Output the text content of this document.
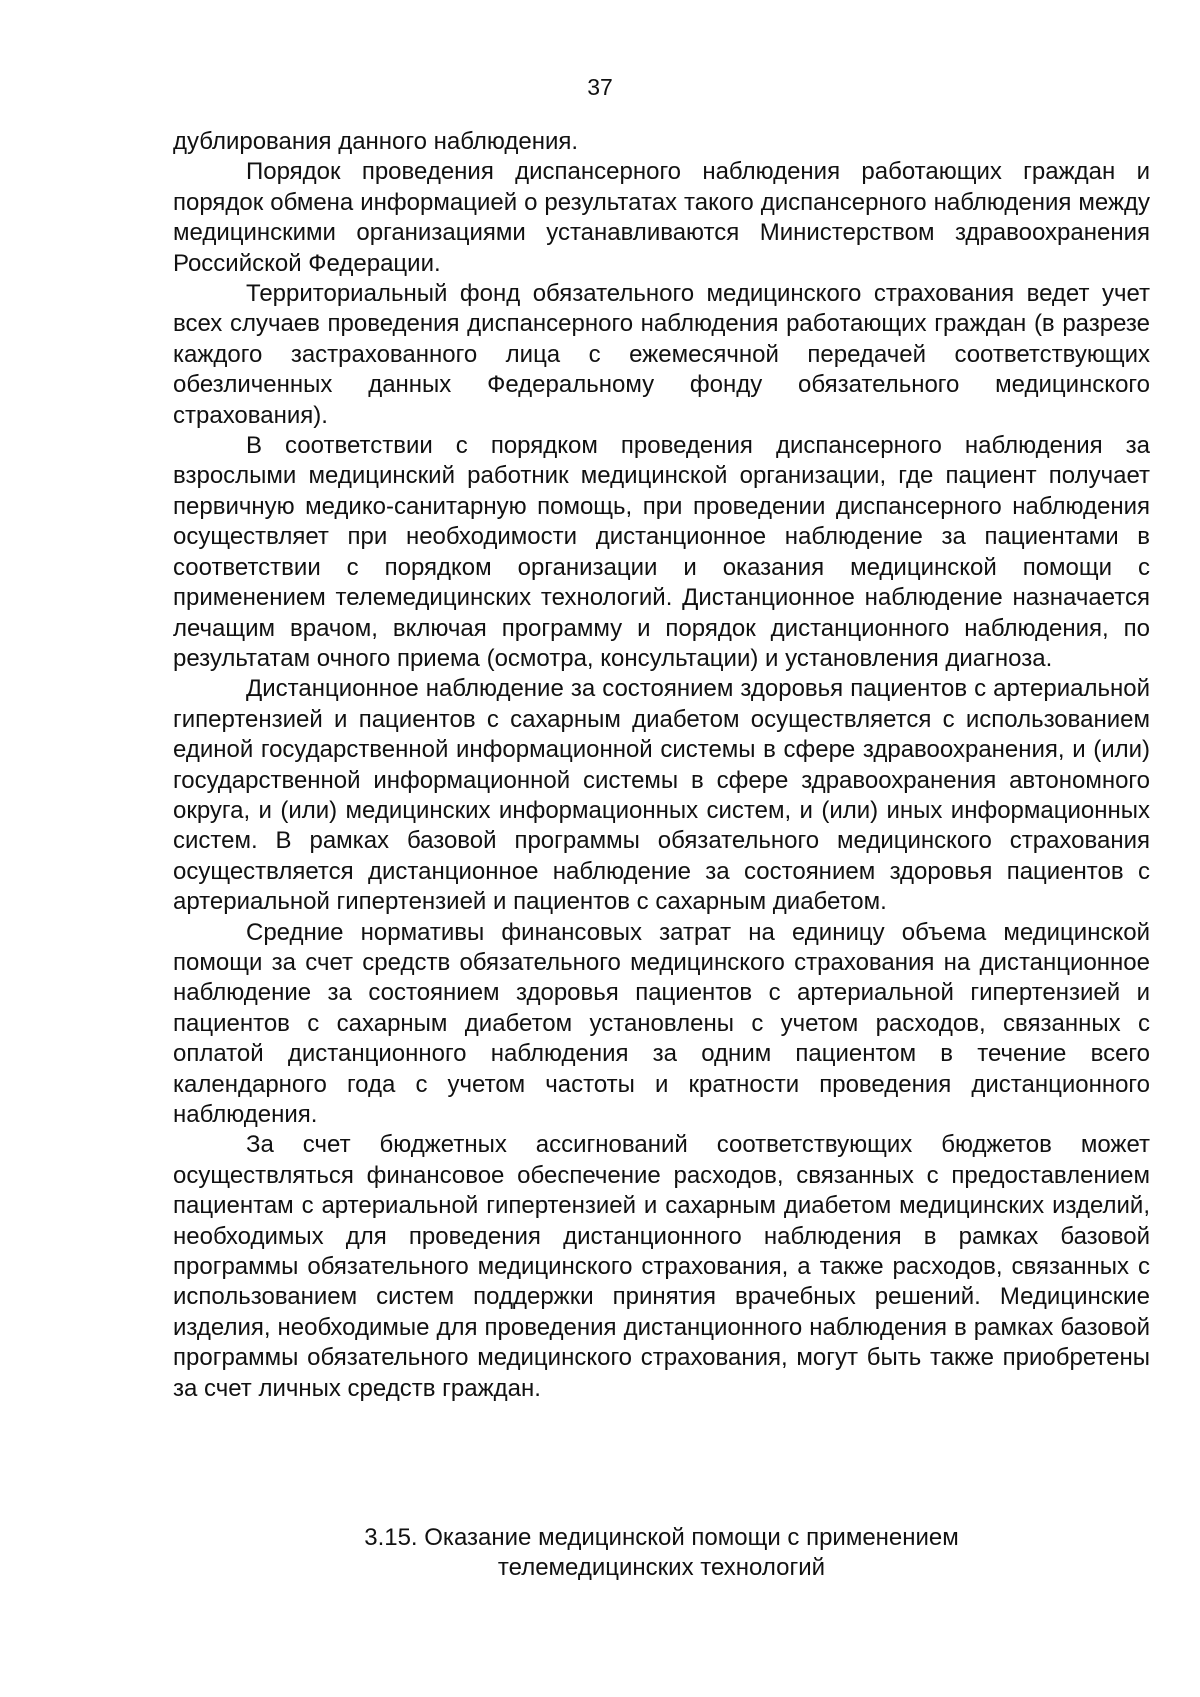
37

дублирования данного наблюдения.

Порядок проведения диспансерного наблюдения работающих граждан и порядок обмена информацией о результатах такого диспансерного наблюдения между медицинскими организациями устанавливаются Министерством здравоохранения Российской Федерации.

Территориальный фонд обязательного медицинского страхования ведет учет всех случаев проведения диспансерного наблюдения работающих граждан (в разрезе каждого застрахованного лица с ежемесячной передачей соответствующих обезличенных данных Федеральному фонду обязательного медицинского страхования).

В соответствии с порядком проведения диспансерного наблюдения за взрослыми медицинский работник медицинской организации, где пациент получает первичную медико-санитарную помощь, при проведении диспансерного наблюдения осуществляет при необходимости дистанционное наблюдение за пациентами в соответствии с порядком организации и оказания медицинской помощи с применением телемедицинских технологий. Дистанционное наблюдение назначается лечащим врачом, включая программу и порядок дистанционного наблюдения, по результатам очного приема (осмотра, консультации) и установления диагноза.

Дистанционное наблюдение за состоянием здоровья пациентов с артериальной гипертензией и пациентов с сахарным диабетом осуществляется с использованием единой государственной информационной системы в сфере здравоохранения, и (или) государственной информационной системы в сфере здравоохранения автономного округа, и (или) медицинских информационных систем, и (или) иных информационных систем. В рамках базовой программы обязательного медицинского страхования осуществляется дистанционное наблюдение за состоянием здоровья пациентов с артериальной гипертензией и пациентов с сахарным диабетом.

Средние нормативы финансовых затрат на единицу объема медицинской помощи за счет средств обязательного медицинского страхования на дистанционное наблюдение за состоянием здоровья пациентов с артериальной гипертензией и пациентов с сахарным диабетом установлены с учетом расходов, связанных с оплатой дистанционного наблюдения за одним пациентом в течение всего календарного года с учетом частоты и кратности проведения дистанционного наблюдения.

За счет бюджетных ассигнований соответствующих бюджетов может осуществляться финансовое обеспечение расходов, связанных с предоставлением пациентам с артериальной гипертензией и сахарным диабетом медицинских изделий, необходимых для проведения дистанционного наблюдения в рамках базовой программы обязательного медицинского страхования, а также расходов, связанных с использованием систем поддержки принятия врачебных решений. Медицинские изделия, необходимые для проведения дистанционного наблюдения в рамках базовой программы обязательного медицинского страхования, могут быть также приобретены за счет личных средств граждан.

3.15. Оказание медицинской помощи с применением
телемедицинских технологий
